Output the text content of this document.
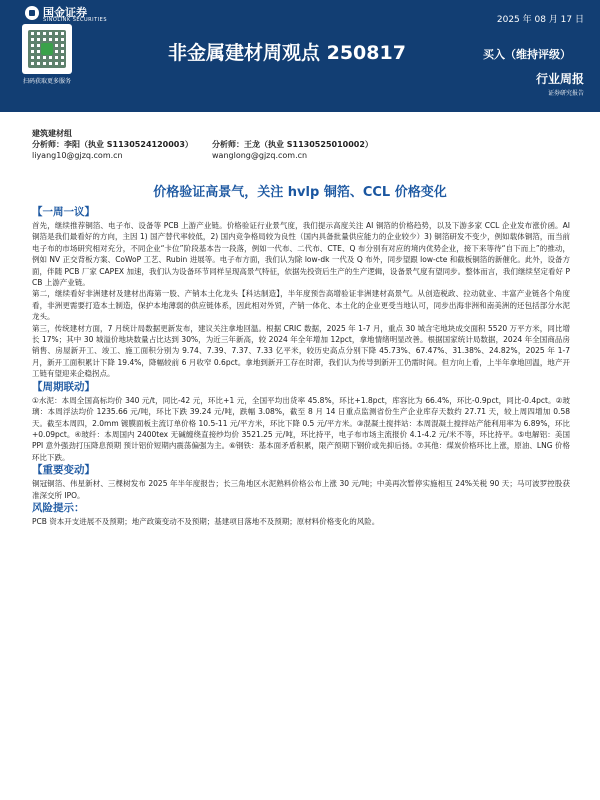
国金证券
SINOLINK SECURITIES
扫码获取更多服务
2025 年 08 月 17 日
非金属建材周观点 250817	买入（维持评级）
行业周报
证券研究报告
建筑建材组
分析师：李阳（执业 S1130524120003）
liyang10@gjzq.com.cn
分析师：王龙（执业 S1130525010002）
wanglong@gjzq.com.cn
价格验证高景气，关注 hvlp 铜箔、CCL 价格变化
【一周一议】

首先，继续推荐铜箔、电子布、设备等 PCB 上游产业链。价格验证行业景气度，我们提示高度关注 AI 铜箔的价格趋势，以及下游多家 CCL 企业发布涨价函。AI 铜箔是我们最看好的方向，主因 1) 国产替代率较低，2) 国内竞争格局较为良性（国内具备批量供应能力的企业较少）3) 铜箔研发不变少，例如载体铜箔，而当前电子布的市场研究相对充分，不同企业“卡位”阶段基本告一段落，例如一代布、二代布、CTE、Q 布分别有对应的境内优势企业，接下来等待“自下而上”的推动，例如 NV 正交背板方案、CoWoP 工艺、Rubin 进展等。电子布方面，我们认为除 low-dk 一代及 Q 布外，同步望跟 low-cte 和截板铜箔的新催化。此外，设备方面，伴随 PCB 厂家 CAPEX 加速，我们认为设备环节同样呈现高景气特征，依据先投资后生产的生产逻辑，设备景气度有望同步。整体而言，我们继续坚定看好 PCB 上游产业链。

第二，继续看好非洲建材及建材出海第一股、产销本土化龙头【科达制造】，半年度预告高增验证非洲建材高景气。从创造税政、拉动就业、丰富产业链各个角度看，非洲更需要打造本土制造，保护本地薄弱的供应链体系，因此相对外贸，产销一体化、本土化的企业更受当地认可，同步出海非洲和南美洲的还包括部分水泥龙头。

第三，传统建材方面，7 月统计局数据更新发布，建议关注拿地回温。根据 CRIC 数据，2025 年 1-7 月，重点 30 城含宅地块成交面积 5520 万平方米，同比增长 17%；其中 30 城溢价地块数量占比达到 30%，为近三年新高，较 2024 年全年增加 12pct，拿地情绪明显改善。根据国家统计局数据，2024 年全国商品房销售、房屋新开工、竣工、施工面积分别为 9.74、7.39、7.37、7.33 亿平米，较历史高点分别下降 45.73%、67.47%、31.38%、24.82%，2025 年 1-7 月，新开工面积累计下降 19.4%，降幅较前 6 月收窄 0.6pct。拿地到新开工存在时滞，我们认为传导到新开工仍需时间。但方向上看，上半年拿地回温，地产开工链有望迎来企稳拐点。

【周期联动】

①水泥：本周全国高标均价 340 元/t，同比-42 元，环比+1 元，全国平均出货率 45.8%，环比+1.8pct，库容比为 66.4%，环比-0.9pct，同比-0.4pct。②玻璃：本周浮法均价 1235.66 元/吨，环比下跌 39.24 元/吨，跌幅 3.08%，截至 8 月 14 日重点监测省份生产企业库存天数约 27.71 天，较上周四增加 0.58 天。截至本周四，2.0mm 镀膜面板主流订单价格 10.5-11 元/平方米，环比下降 0.5 元/平方米。③混凝土搅拌站：本周混凝土搅拌站产能利用率为 6.89%，环比+0.09pct。④玻纤：本周国内 2400tex 无碱缠绕直接纱均价 3521.25 元/吨，环比持平，电子布市场主流报价 4.1-4.2 元/米不等，环比持平。⑤电解铝：美国 PPI 意外强劲打压降息预期 预计铝价短期内震荡偏强为主。⑥钢铁：基本面矛盾积累，限产预期下钢价或先抑后扬。⑦其他：煤炭价格环比上涨，原油、LNG 价格环比下跌。

【重要变动】

铜冠铜箔、伟星新材、三棵树发布 2025 年半年度报告；长三角地区水泥熟料价格公布上涨 30 元/吨；中美再次暂停实施相互 24%关税 90 天；马可波罗控股获准深交所 IPO。

风险提示：

PCB 资本开支进展不及预期；地产政策变动不及预期；基建项目落地不及预期；原材料价格变化的风险。
